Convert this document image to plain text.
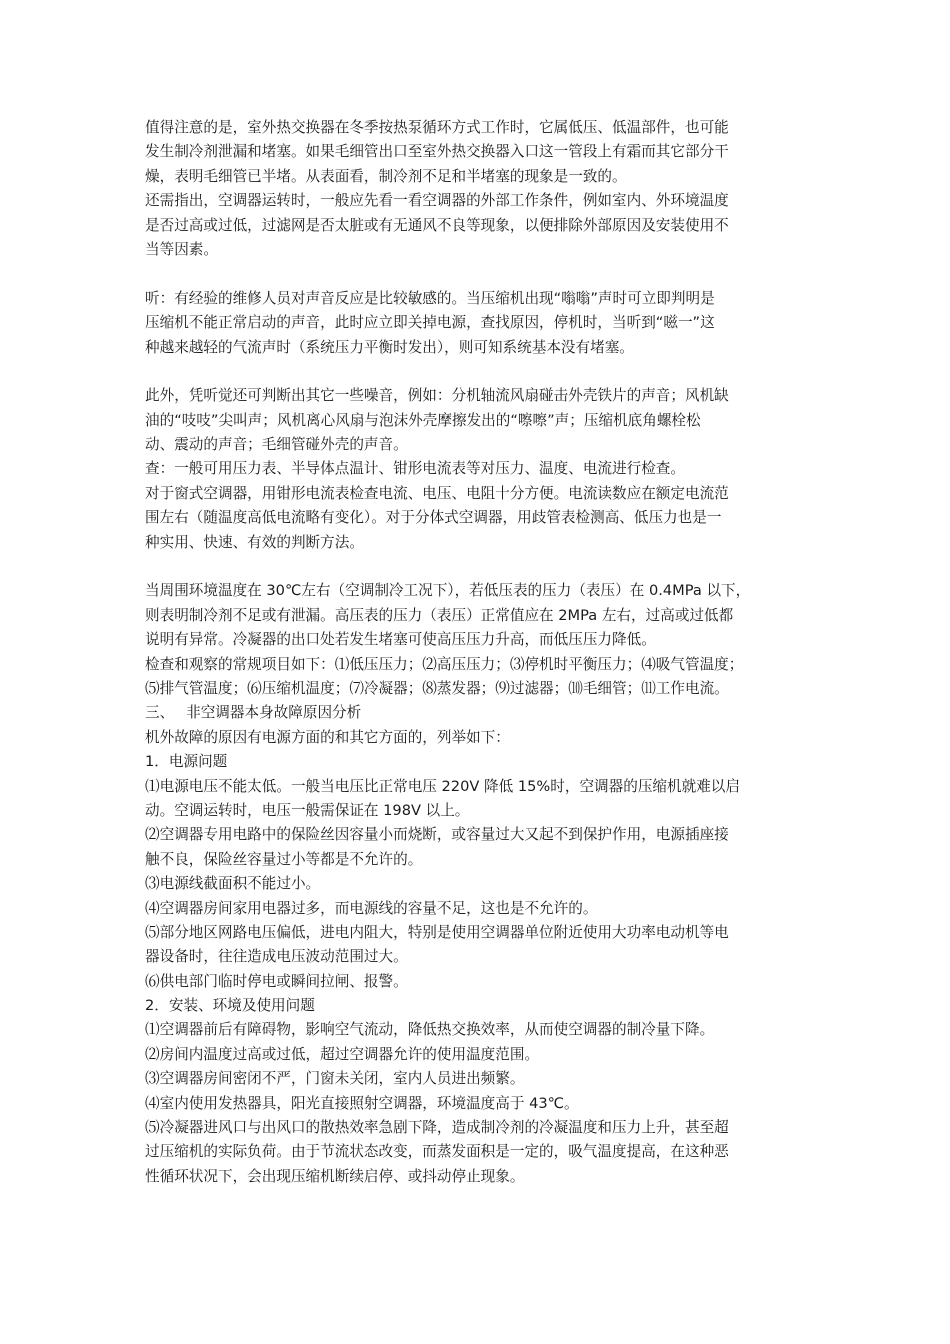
值得注意的是，室外热交换器在冬季按热泵循环方式工作时，它属低压、低温部件，也可能
发生制冷剂泄漏和堵塞。如果毛细管出口至室外热交换器入口这一管段上有霜而其它部分干
燥，表明毛细管已半堵。从表面看，制冷剂不足和半堵塞的现象是一致的。
还需指出，空调器运转时，一般应先看一看空调器的外部工作条件，例如室内、外环境温度
是否过高或过低，过滤网是否太脏或有无通风不良等现象，以便排除外部原因及安装使用不
当等因素。
听：有经验的维修人员对声音反应是比较敏感的。当压缩机出现“嗡嗡”声时可立即判明是
压缩机不能正常启动的声音，此时应立即关掉电源，查找原因，停机时，当听到“嗞一”这
种越来越轻的气流声时（系统压力平衡时发出），则可知系统基本没有堵塞。
此外，凭听觉还可判断出其它一些噪音，例如：分机轴流风扇碰击外壳铁片的声音；风机缺
油的“吱吱”尖叫声；风机离心风扇与泡沫外壳摩擦发出的“嚓嚓”声；压缩机底角螺栓松
动、震动的声音；毛细管碰外壳的声音。
查：一般可用压力表、半导体点温计、钳形电流表等对压力、温度、电流进行检查。
对于窗式空调器，用钳形电流表检查电流、电压、电阻十分方便。电流读数应在额定电流范
围左右（随温度高低电流略有变化）。对于分体式空调器，用歧管表检测高、低压力也是一
种实用、快速、有效的判断方法。
当周围环境温度在 30℃左右（空调制冷工况下），若低压表的压力（表压）在 0.4MPa 以下，
则表明制冷剂不足或有泄漏。高压表的压力（表压）正常值应在 2MPa 左右，过高或过低都
说明有异常。冷凝器的出口处若发生堵塞可使高压压力升高，而低压压力降低。
检查和观察的常规项目如下：⑴低压压力；⑵高压压力；⑶停机时平衡压力；⑷吸气管温度；
⑸排气管温度；⑹压缩机温度；⑺冷凝器；⑻蒸发器；⑼过滤器；⑽毛细管；⑾工作电流。
三、　 非空调器本身故障原因分析
机外故障的原因有电源方面的和其它方面的，列举如下：
1．电源问题
⑴电源电压不能太低。一般当电压比正常电压 220V 降低 15%时，空调器的压缩机就难以启
动。空调运转时，电压一般需保证在 198V 以上。
⑵空调器专用电路中的保险丝因容量小而烧断，或容量过大又起不到保护作用，电源插座接
触不良，保险丝容量过小等都是不允许的。
⑶电源线截面积不能过小。
⑷空调器房间家用电器过多，而电源线的容量不足，这也是不允许的。
⑸部分地区网路电压偏低，进电内阻大，特别是使用空调器单位附近使用大功率电动机等电
器设备时，往往造成电压波动范围过大。
⑹供电部门临时停电或瞬间拉闸、报警。
2．安装、环境及使用问题
⑴空调器前后有障碍物，影响空气流动，降低热交换效率，从而使空调器的制冷量下降。
⑵房间内温度过高或过低，超过空调器允许的使用温度范围。
⑶空调器房间密闭不严，门窗未关闭，室内人员进出频繁。
⑷室内使用发热器具，阳光直接照射空调器，环境温度高于 43℃。
⑸冷凝器进风口与出风口的散热效率急剧下降，造成制冷剂的冷凝温度和压力上升，甚至超
过压缩机的实际负荷。由于节流状态改变，而蒸发面积是一定的，吸气温度提高，在这种恶
性循环状况下，会出现压缩机断续启停、或抖动停止现象。
